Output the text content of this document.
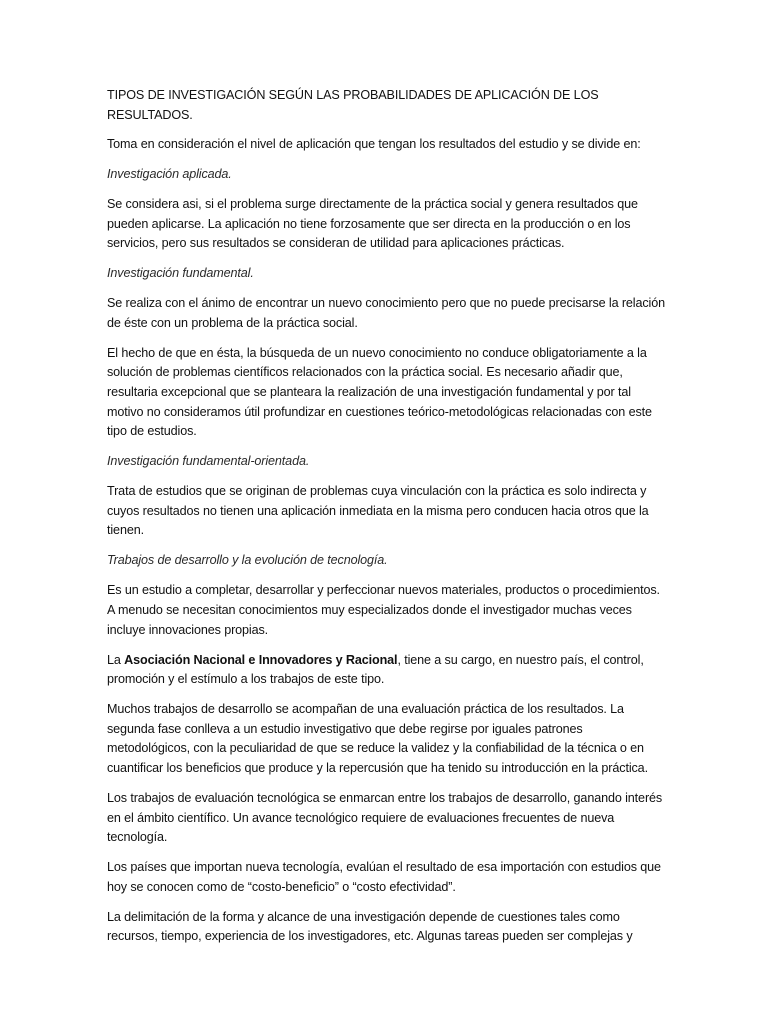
TIPOS DE INVESTIGACIÓN SEGÚN LAS PROBABILIDADES DE APLICACIÓN DE LOS RESULTADOS.

Toma en consideración el nivel de aplicación que tengan los resultados del estudio y se divide en:

Investigación aplicada.

Se considera asi, si el problema surge directamente de la práctica social y genera resultados que pueden aplicarse. La aplicación no tiene forzosamente que ser directa en la producción o en los servicios, pero sus resultados se consideran de utilidad para aplicaciones prácticas.

Investigación fundamental.

Se realiza con el ánimo de encontrar un nuevo conocimiento pero que no puede precisarse la relación de éste con un problema de la práctica social.

El hecho de que en ésta, la búsqueda de un nuevo conocimiento no conduce obligatoriamente a la solución de problemas científicos relacionados con la práctica social. Es necesario añadir que, resultaria excepcional que se planteara la realización de una investigación fundamental y por tal motivo no consideramos útil profundizar en cuestiones teórico-metodológicas relacionadas con este tipo de estudios.

Investigación fundamental-orientada.

Trata de estudios que se originan de problemas cuya vinculación con la práctica es solo indirecta y cuyos resultados no tienen una aplicación inmediata en la misma pero conducen hacia otros que la tienen.

Trabajos de desarrollo y la evolución de tecnología.

Es un estudio a completar, desarrollar y perfeccionar nuevos materiales, productos o procedimientos. A menudo se necesitan conocimientos muy especializados donde el investigador muchas veces incluye innovaciones propias.

La Asociación Nacional e Innovadores y Racional, tiene a su cargo, en nuestro país, el control, promoción y el estímulo a los trabajos de este tipo.

Muchos trabajos de desarrollo se acompañan de una evaluación práctica de los resultados. La segunda fase conlleva a un estudio investigativo que debe regirse por iguales patrones metodológicos, con la peculiaridad de que se reduce la validez y la confiabilidad de la técnica o en cuantificar los beneficios que produce y la repercusión que ha tenido su introducción en la práctica.

Los trabajos de evaluación tecnológica se enmarcan entre los trabajos de desarrollo, ganando interés en el ámbito científico. Un avance tecnológico requiere de evaluaciones frecuentes de nueva tecnología.

Los países que importan nueva tecnología, evalúan el resultado de esa importación con estudios que hoy se conocen como de “costo-beneficio” o “costo efectividad”.

La delimitación de la forma y alcance de una investigación depende de cuestiones tales como recursos, tiempo, experiencia de los investigadores, etc. Algunas tareas pueden ser complejas y
